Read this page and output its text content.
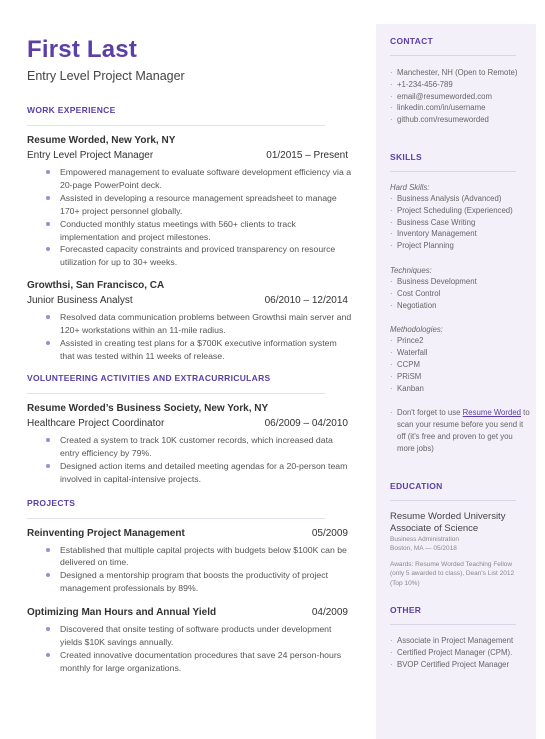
First Last
Entry Level Project Manager
WORK EXPERIENCE
Resume Worded, New York, NY
Entry Level Project Manager	01/2015 – Present
Empowered management to evaluate software development efficiency via a 20-page PowerPoint deck.
Assisted in developing a resource management spreadsheet to manage 170+ project personnel globally.
Conducted monthly status meetings with 560+ clients to track implementation and project milestones.
Forecasted capacity constraints and proviced transparency on resource utilization for up to 30+ weeks.
Growthsi, San Francisco, CA
Junior Business Analyst	06/2010 – 12/2014
Resolved data communication problems between Growthsi main server and 120+ workstations within an 11-mile radius.
Assisted in creating test plans for a $700K executive information system that was tested within 11 weeks of release.
VOLUNTEERING ACTIVITIES AND EXTRACURRICULARS
Resume Worded’s Business Society, New York, NY
Healthcare Project Coordinator	06/2009 – 04/2010
Created a system to track 10K customer records, which increased data entry efficiency by 79%.
Designed action items and detailed meeting agendas for a 20-person team involved in capital-intensive projects.
PROJECTS
Reinventing Project Management	05/2009
Established that multiple capital projects with budgets below $100K can be delivered on time.
Designed a mentorship program that boosts the productivity of project management professionals by 89%.
Optimizing Man Hours and Annual Yield	04/2009
Discovered that onsite testing of software products under development yields $10K savings annually.
Created innovative documentation procedures that save 24 person-hours monthly for large organizations.
CONTACT
· Manchester, NH (Open to Remote)
· +1-234-456-789
· email@resumeworded.com
· linkedin.com/in/username
· github.com/resumeworded
SKILLS
Hard Skills:
· Business Analysis (Advanced)
· Project Scheduling (Experienced)
· Business Case Writing
· Inventory Management
· Project Planning
Techniques:
· Business Development
· Cost Control
· Negotiation
Methodologies:
· Prince2
· Waterfall
· CCPM
· PRiSM
· Kanban
· Don't forget to use Resume Worded to scan your resume before you send it off (it's free and proven to get you more jobs)
EDUCATION
Resume Worded University
Associate of Science
Business Administration
Boston, MA — 05/2018
Awards: Resume Worded Teaching Fellow (only 5 awarded to class), Dean's List 2012 (Top 10%)
OTHER
· Associate in Project Management
· Certified Project Manager (CPM).
· BVOP Certified Project Manager
